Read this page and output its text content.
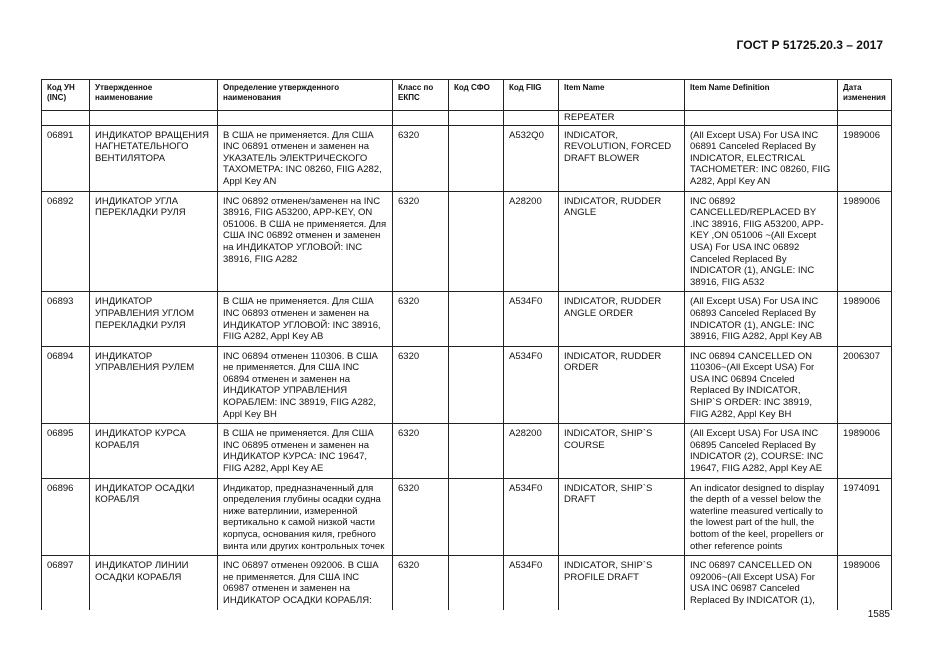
ГОСТ Р 51725.20.3 – 2017
Код УН (INC)	Утвержденное наименование	Определение утвержденного наименования	Класс по ЕКПС	Код СФО	Код FIIG	Item Name	Item Name Definition	Дата изменения
						REPEATER		
06891	ИНДИКАТОР ВРАЩЕНИЯ НАГНЕТАТЕЛЬНОГО ВЕНТИЛЯТОРА	В США не применяется. Для США INC 06891 отменен и заменен на УКАЗАТЕЛЬ ЭЛЕКТРИЧЕСКОГО ТАХОМЕТРА: INC 08260, FIIG A282, Appl Key AN	6320		A532Q0	INDICATOR, REVOLUTION, FORCED DRAFT BLOWER	(All Except USA) For USA INC 06891 Canceled Replaced By INDICATOR, ELECTRICAL TACHOMETER: INC 08260, FIIG A282, Appl Key AN	1989006
06892	ИНДИКАТОР УГЛА ПЕРЕКЛАДКИ РУЛЯ	INC 06892 отменен/заменен на INC 38916, FIIG A53200, APP-KEY, ON 051006. В США не применяется. Для США INC 06892 отменен и заменен на ИНДИКАТОР УГЛОВОЙ: INC 38916, FIIG A282	6320		A28200	INDICATOR, RUDDER ANGLE	INC 06892 CANCELLED/REPLACED BY .INC 38916, FIIG A53200, APP-KEY ,ON 051006 ~(All Except USA) For USA INC 06892 Canceled Replaced By INDICATOR (1), ANGLE: INC 38916, FIIG A532	1989006
06893	ИНДИКАТОР УПРАВЛЕНИЯ УГЛОМ ПЕРЕКЛАДКИ РУЛЯ	В США не применяется. Для США INC 06893 отменен и заменен на ИНДИКАТОР УГЛОВОЙ: INC 38916, FIIG A282, Appl Key AB	6320		A534F0	INDICATOR, RUDDER ANGLE ORDER	(All Except USA) For USA INC 06893 Canceled Replaced By INDICATOR (1), ANGLE: INC 38916, FIIG A282, Appl Key AB	1989006
06894	ИНДИКАТОР УПРАВЛЕНИЯ РУЛЕМ	INC 06894 отменен 110306. В США не применяется. Для США INC 06894 отменен и заменен на ИНДИКАТОР УПРАВЛЕНИЯ КОРАБЛЕМ: INC 38919, FIIG A282, Appl Key BH	6320		A534F0	INDICATOR, RUDDER ORDER	INC 06894 CANCELLED ON 110306~(All Except USA) For USA INC 06894 Cnceled Replaced By INDICATOR, SHIP`S ORDER: INC 38919, FIIG A282, Appl Key BH	2006307
06895	ИНДИКАТОР КУРСА КОРАБЛЯ	В США не применяется. Для США INC 06895 отменен и заменен на ИНДИКАТОР КУРСА: INC 19647, FIIG A282, Appl Key AE	6320		A28200	INDICATOR, SHIP`S COURSE	(All Except USA) For USA INC 06895 Canceled Replaced By INDICATOR (2), COURSE: INC 19647, FIIG A282, Appl Key AE	1989006
06896	ИНДИКАТОР ОСАДКИ КОРАБЛЯ	Индикатор, предназначенный для определения глубины осадки судна ниже ватерлинии, измеренной вертикально к самой низкой части корпуса, основания киля, гребного винта или других контрольных точек	6320		A534F0	INDICATOR, SHIP`S DRAFT	An indicator designed to display the depth of a vessel below the waterline measured vertically to the lowest part of the hull, the bottom of the keel, propellers or other reference points	1974091
06897	ИНДИКАТОР ЛИНИИ ОСАДКИ КОРАБЛЯ	INC 06897 отменен 092006. В США не применяется. Для США INC 06987 отменен и заменен на ИНДИКАТОР ОСАДКИ КОРАБЛЯ:	6320		A534F0	INDICATOR, SHIP`S PROFILE DRAFT	INC 06897 CANCELLED ON 092006~(All Except USA) For USA INC 06987 Canceled Replaced By INDICATOR (1),	1989006
1585
